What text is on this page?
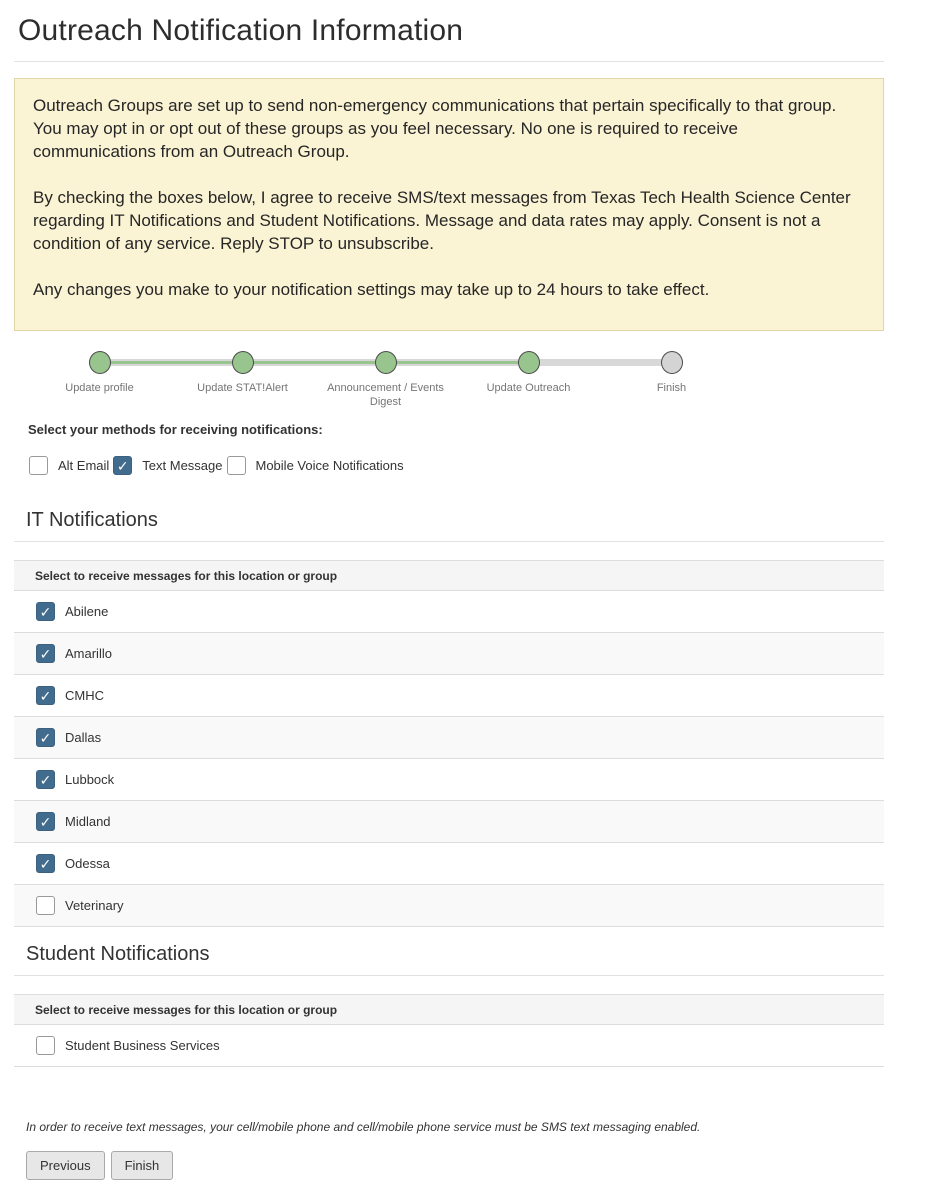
Outreach Notification Information

Outreach Groups are set up to send non-emergency communications that pertain specifically to that group. You may opt in or opt out of these groups as you feel necessary. No one is required to receive communications from an Outreach Group.

By checking the boxes below, I agree to receive SMS/text messages from Texas Tech Health Science Center regarding IT Notifications and Student Notifications. Message and data rates may apply. Consent is not a condition of any service. Reply STOP to unsubscribe.

Any changes you make to your notification settings may take up to 24 hours to take effect.

Update profile	Update STAT!Alert	Announcement / Events Digest
Update Outreach	Finish
Select your methods for receiving notifications:
Alt Email ✓ Text Message	Mobile Voice Notifications
IT Notifications
Select to receive messages for this location or group
✓ Abilene
✓ Amarillo
✓ CMHC
✓ Dallas
✓ Lubbock
✓ Midland
✓ Odessa
Veterinary
Student Notifications
Select to receive messages for this location or group
Student Business Services

In order to receive text messages, your cell/mobile phone and cell/mobile phone service must be SMS text messaging enabled.

Previous	Finish
